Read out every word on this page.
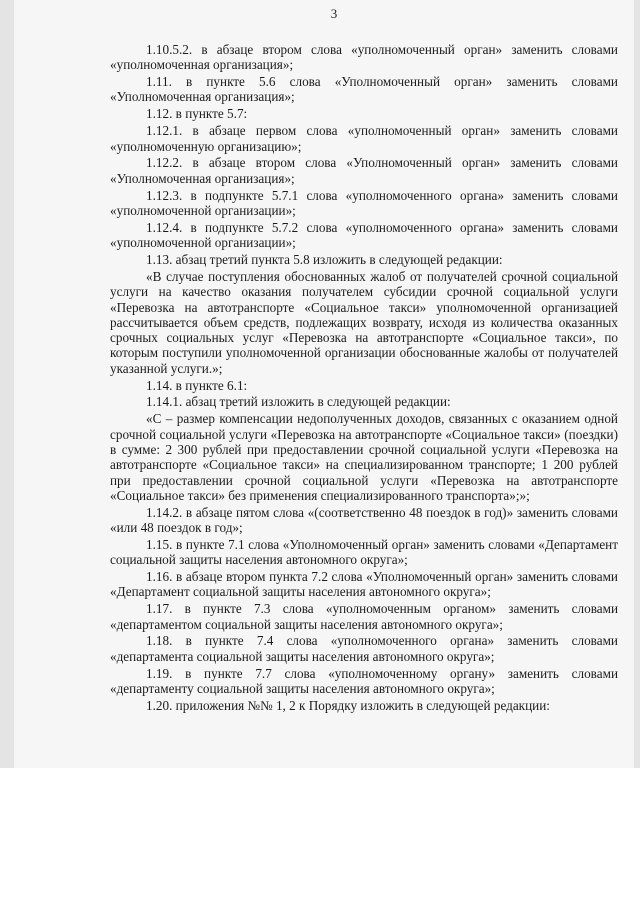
3

1.10.5.2. в абзаце втором слова «уполномоченный орган» заменить словами «уполномоченная организация»;

1.11. в пункте 5.6 слова «Уполномоченный орган» заменить словами «Уполномоченная организация»;

1.12. в пункте 5.7:

1.12.1. в абзаце первом слова «уполномоченный орган» заменить словами «уполномоченную организацию»;

1.12.2. в абзаце втором слова «Уполномоченный орган» заменить словами «Уполномоченная организация»;

1.12.3. в подпункте 5.7.1 слова «уполномоченного органа» заменить словами «уполномоченной организации»;

1.12.4. в подпункте 5.7.2 слова «уполномоченного органа» заменить словами «уполномоченной организации»;

1.13. абзац третий пункта 5.8 изложить в следующей редакции:

«В случае поступления обоснованных жалоб от получателей срочной социальной услуги на качество оказания получателем субсидии срочной социальной услуги «Перевозка на автотранспорте «Социальное такси» уполномоченной организацией рассчитывается объем средств, подлежащих возврату, исходя из количества оказанных срочных социальных услуг «Перевозка на автотранспорте «Социальное такси», по которым поступили уполномоченной организации обоснованные жалобы от получателей указанной услуги.»;

1.14. в пункте 6.1:

1.14.1. абзац третий изложить в следующей редакции:

«С – размер компенсации недополученных доходов, связанных с оказанием одной срочной социальной услуги «Перевозка на автотранспорте «Социальное такси» (поездки) в сумме: 2 300 рублей при предоставлении срочной социальной услуги «Перевозка на автотранспорте «Социальное такси» на специализированном транспорте; 1 200 рублей при предоставлении срочной социальной услуги «Перевозка на автотранспорте «Социальное такси» без применения специализированного транспорта»;»;

1.14.2. в абзаце пятом слова «(соответственно 48 поездок в год)» заменить словами «или 48 поездок в год»;

1.15. в пункте 7.1 слова «Уполномоченный орган» заменить словами «Департамент социальной защиты населения автономного округа»;

1.16. в абзаце втором пункта 7.2 слова «Уполномоченный орган» заменить словами «Департамент социальной защиты населения автономного округа»;

1.17. в пункте 7.3 слова «уполномоченным органом» заменить словами «департаментом социальной защиты населения автономного округа»;

1.18. в пункте 7.4 слова «уполномоченного органа» заменить словами «департамента социальной защиты населения автономного округа»;

1.19. в пункте 7.7 слова «уполномоченному органу» заменить словами «департаменту социальной защиты населения автономного округа»;

1.20. приложения №№ 1, 2 к Порядку изложить в следующей редакции:
